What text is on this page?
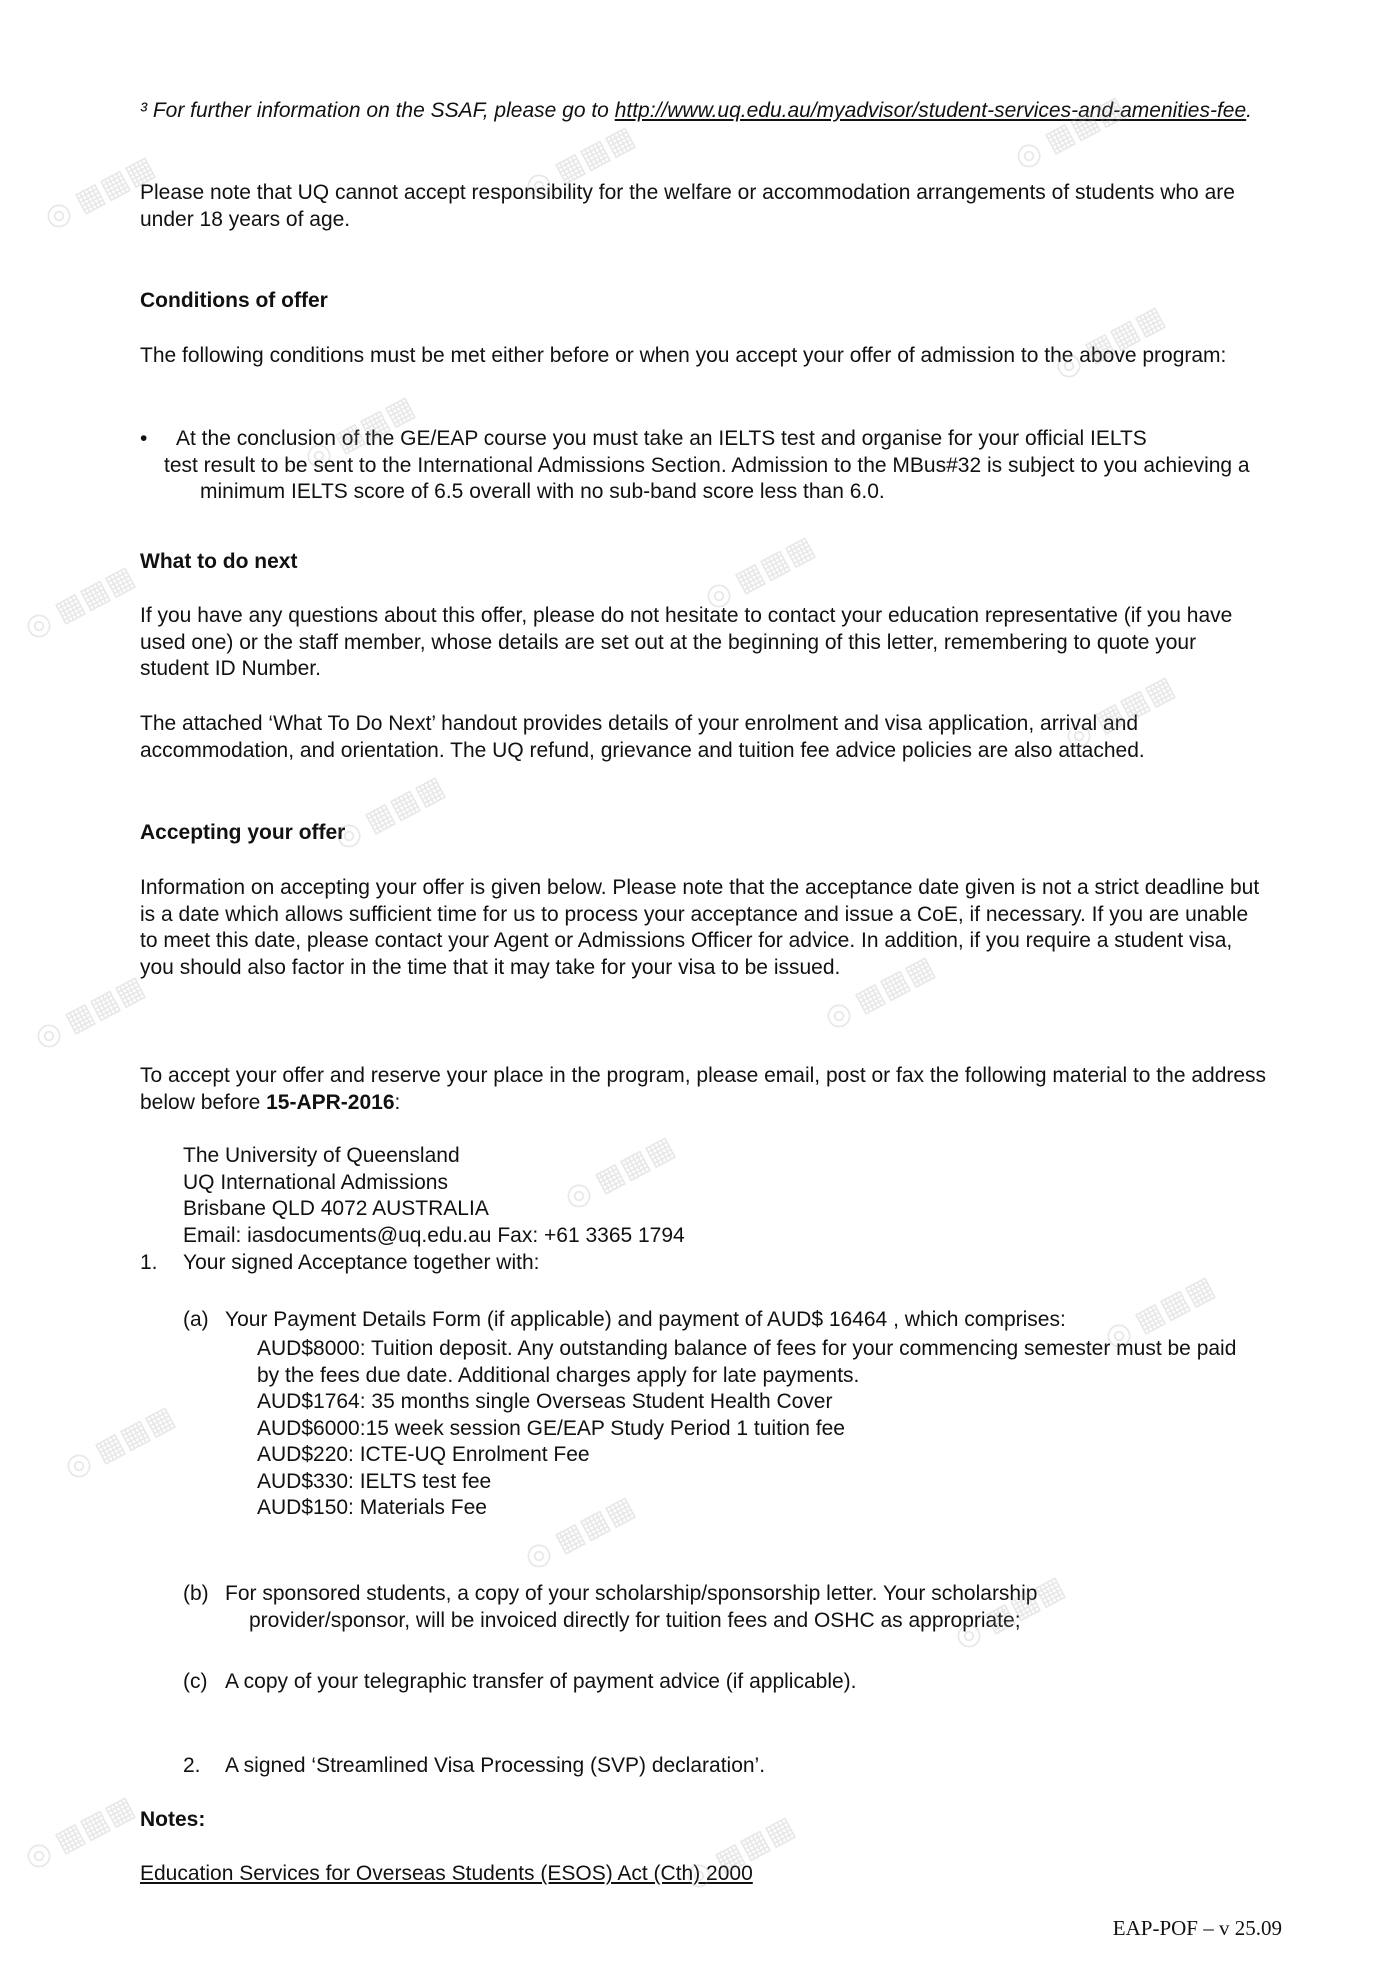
³ For further information on the SSAF, please go to http://www.uq.edu.au/myadvisor/student-services-and-amenities-fee.

Please note that UQ cannot accept responsibility for the welfare or accommodation arrangements of students who are under 18 years of age.

Conditions of offer

The following conditions must be met either before or when you accept your offer of admission to the above program:

• At the conclusion of the GE/EAP course you must take an IELTS test and organise for your official IELTS
test result to be sent to the International Admissions Section. Admission to the MBus#32 is subject to you achieving a minimum IELTS score of 6.5 overall with no sub-band score less than 6.0.

What to do next

If you have any questions about this offer, please do not hesitate to contact your education representative (if you have used one) or the staff member, whose details are set out at the beginning of this letter, remembering to quote your student ID Number.

The attached ‘What To Do Next’ handout provides details of your enrolment and visa application, arrival and accommodation, and orientation. The UQ refund, grievance and tuition fee advice policies are also attached.

Accepting your offer

Information on accepting your offer is given below. Please note that the acceptance date given is not a strict deadline but is a date which allows sufficient time for us to process your acceptance and issue a CoE, if necessary. If you are unable to meet this date, please contact your Agent or Admissions Officer for advice. In addition, if you require a student visa, you should also factor in the time that it may take for your visa to be issued.

To accept your offer and reserve your place in the program, please email, post or fax the following material to the address below before 15-APR-2016:

The University of Queensland
UQ International Admissions
Brisbane QLD 4072 AUSTRALIA
Email: iasdocuments@uq.edu.au Fax: +61 3365 1794
1. Your signed Acceptance together with:
(a) Your Payment Details Form (if applicable) and payment of AUD$ 16464 , which comprises:
AUD$8000: Tuition deposit. Any outstanding balance of fees for your commencing semester must be paid by the fees due date. Additional charges apply for late payments.
AUD$1764: 35 months single Overseas Student Health Cover
AUD$6000:15 week session GE/EAP Study Period 1 tuition fee
AUD$220: ICTE-UQ Enrolment Fee
AUD$330: IELTS test fee
AUD$150: Materials Fee
(b) For sponsored students, a copy of your scholarship/sponsorship letter. Your scholarship
provider/sponsor, will be invoiced directly for tuition fees and OSHC as appropriate;
(c) A copy of your telegraphic transfer of payment advice (if applicable).
2. A signed ‘Streamlined Visa Processing (SVP) declaration’.

Notes:

Education Services for Overseas Students (ESOS) Act (Cth) 2000

EAP-POF – v 25.09
◎ ▦▦▦	◎ ▦▦▦	◎ ▦▦▦
◎ ▦▦▦
◎ ▦▦▦
◎ ▦▦▦	◎ ▦▦▦
◎ ▦▦▦
◎ ▦▦▦
◎ ▦▦▦	◎ ▦▦▦
◎ ▦▦▦
◎ ▦▦▦
◎ ▦▦▦
◎ ▦▦▦
◎ ▦▦▦
◎ ▦▦▦	◎ ▦▦▦
